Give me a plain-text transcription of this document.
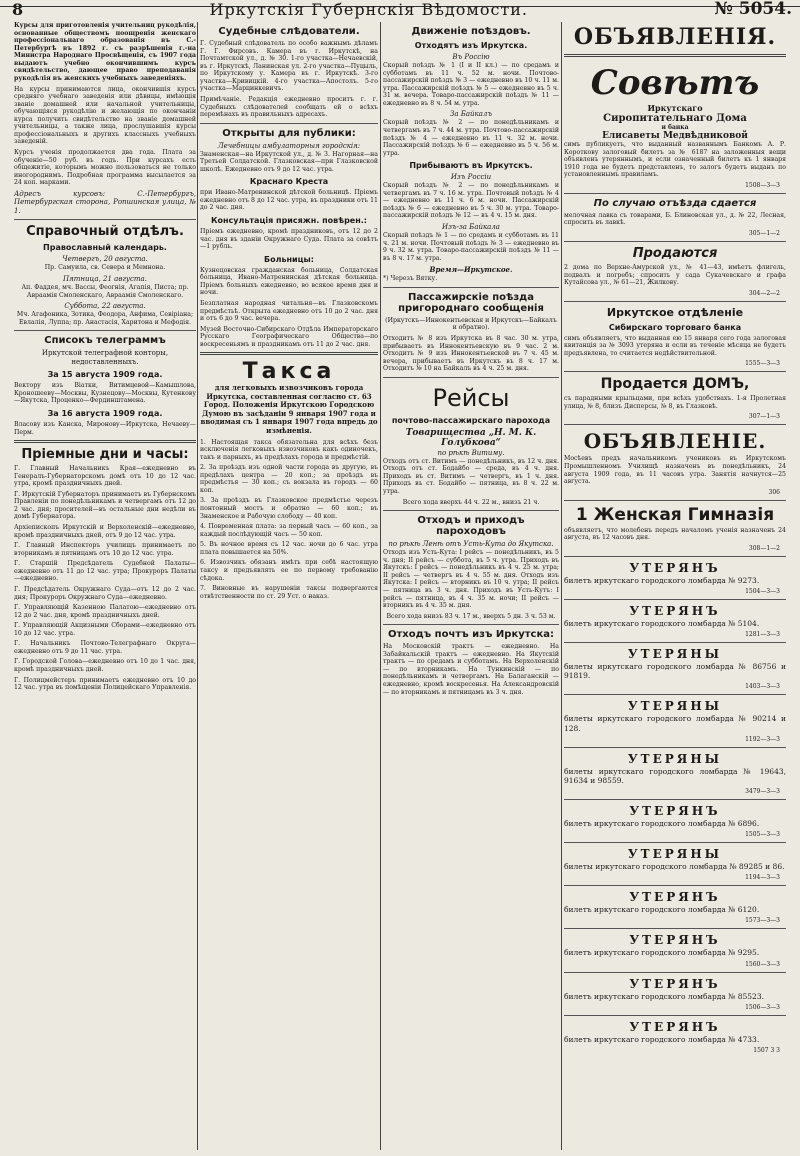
8	Иркутскія Губернскія Вѣдомости.	№ 5054.

Курсы для приготовленія учительниц рукодѣлія, основанные обществомъ поощренія женскаго профессіональнаго образованія въ С.-Петербургѣ въ 1892 г. съ разрѣшенія г.-на Министра Народнаго Просвѣщенія, съ 1907 года выдаютъ учебно окончившимъ курсъ свидѣтельство, дающее право преподаванія рукодѣлія въ женскихъ учебныхъ заведеніяхъ.

На курсы принимаются лица, окончившія курсъ средняго учебнаго заведенія или дѣвицы, имѣющія званіе домашней или начальной учительницы, обучающіяся рукодѣлію и желающія по окончаніи курса получить свидѣтельство на званіе домашней учительницы, а также лица, прослушавшія курсы профессіональныхъ и другихъ классныхъ учебныхъ заведеній.

Курсъ ученія продолжается два года. Плата за обученіе—50 руб. въ годъ. При курсахъ есть общежитіе, которымъ можно пользоваться не только иногороднимъ. Подробная программа высылается за 24 коп. марками.

Адресъ курсовъ: С.-Петербургъ, Петербургская сторона, Ропшинская улица, № 1.

Справочный отдѣлъ.
Православный календарь.
Четвергъ, 20 августа.

Пр. Самуила, св. Севера и Мемнона.

Пятница, 21 августа.

Ап. Фаддея, мч. Вассы, Феогнія, Агапія, Писта; пр. Авраамія Смоленскаго, Авраамія Смоленскаго.

Суббота, 22 августа.

Мч. Агафоника, Зотика, Феодора, Анфима, Севіріана; Евлалія, Луппа; пр. Анастасія, Харитона и Мефодія.

Списокъ телеграммъ

Иркутской телеграфной конторы, недоставленныхъ.

За 15 августа 1909 года.

Вектору изъ Віатки, Витимцевой—Камышлова, Кроношееву—Москвы, Кузнецову—Москвы, Кутенкову—Якутска, Проценко—Фердинштамена.

За 16 августа 1909 года.

Власову изъ Канска, Миронову—Иркутска, Нечаеву—Перм.

Пріемные дни и часы:

Г. Главный Начальникъ Края—ежедневно въ Генералъ-Губернаторскомъ домѣ отъ 10 до 12 час. утра, кромѣ праздничныхъ дней.

Г. Иркутскій Губернаторъ принимаетъ въ Губернскомъ Правленіи по понедѣльникамъ и четвергамъ отъ 12 до 2 час. дня; просителей—въ остальные дни недѣли въ домѣ Губернатора.

Архіепископъ Иркутскій и Верхоленскій—ежедневно, кромѣ праздничныхъ дней, отъ 9 до 12 час. утра.

Г. Главный Инспекторъ училищъ принимаетъ по вторникамъ и пятницамъ отъ 10 до 12 час. утра.

Г. Старшій Предсѣдатель Судебной Палаты—ежедневно отъ 11 до 12 час. утра; Прокуроръ Палаты—ежедневно.

Г. Предсѣдатель Окружнаго Суда—отъ 12 до 2 час. дня; Прокуроръ Окружнаго Суда—ежедневно.

Г. Управляющій Казенною Палатою—ежедневно отъ 12 до 2 час. дня, кромѣ праздничныхъ дней.

Г. Управляющій Акцизными Сборами—ежедневно отъ 10 до 12 час. утра.

Г. Начальникъ Почтово-Телеграфнаго Округа—ежедневно отъ 9 до 11 час. утра.

Г. Городской Голова—ежедневно отъ 10 до 1 час. дня, кромѣ праздничныхъ дней.

Г. Полицмейстеръ принимаетъ ежедневно отъ 10 до 12 час. утра въ помѣщеніи Полицейскаго Управленія.

Судебные слѣдователи.

Г. Судебный слѣдователь по особо важнымъ дѣламъ Г. Г. Фирсовъ. Камера въ г. Иркутскѣ, на Почтамтской ул., д. № 30. 1-го участка—Нечаевскій, въ г. Иркутскѣ, Ланинская ул. 2-го участка—Пуцыль, по Иркутскому у. Камера въ г. Иркутскѣ. 3-го участка—Кривицкій. 4-го участка—Апостолъ. 5-го участка—Марцинкевичъ.

Примѣчаніе. Редакція ежедневно проситъ г. г. Судебныхъ слѣдователей сообщать ей о всѣхъ перемѣнахъ въ правильныхъ адресахъ.

Открыты для публики:
Лечебницы амбулаторныя городскія:

Знаменская—на Иркутской ул., д. № 3. Нагорная—на Третьей Солдатской. Глазковская—при Глазковской школѣ. Ежедневно отъ 9 до 12 час. утра.

Краснаго Креста

при Ивано-Матренинской дѣтской больницѣ. Пріемъ ежедневно отъ 8 до 12 час. утра, въ праздники отъ 11 до 2 час. дня.

Консультація присяжн. повѣрен.:

Пріемъ ежедневно, кромѣ праздниковъ, отъ 12 до 2 час. дня въ зданіи Окружнаго Суда. Плата за совѣтъ—1 рубль.

Больницы:

Кузнецовская гражданская больница, Солдатская больница, Ивано-Матренинская дѣтская больница. Пріемъ больныхъ ежедневно, во всякое время дня и ночи.

Безплатная народная читальня—въ Глазковскомъ предмѣстьѣ. Открыта ежедневно отъ 10 до 2 час. дня и отъ 6 до 9 час. вечера.

Музей Восточно-Сибирскаго Отдѣла Императорскаго Русскаго Географическаго Общества—по воскресеньямъ и праздникамъ отъ 11 до 2 час. дня.

Такса

для легковыхъ извозчиковъ города Иркутска, составленная согласно ст. 63 Город. Положенія Иркутскою Городскою Думою въ засѣданіи 9 января 1907 года и вводимая съ 1 января 1907 года впредь до измѣненія.

1. Настоящая такса обязательна для всѣхъ безъ исключенія легковыхъ извозчиковъ какъ одиночекъ, такъ и парныхъ, въ предѣлахъ города и предмѣстій.

2. За проѣздъ изъ одной части города въ другую, въ предѣлахъ центра — 20 коп.; за проѣздъ въ предмѣстья — 30 коп.; съ вокзала въ городъ — 60 коп.

3. За проѣздъ въ Глазковское предмѣстье черезъ понтонный мостъ и обратно — 60 коп.; въ Знаменское и Рабочую слободу — 40 коп.

4. Повременная плата: за первый часъ — 60 коп., за каждый послѣдующій часъ — 50 коп.

5. Въ ночное время съ 12 час. ночи до 6 час. утра плата повышается на 50%.

6. Извозчикъ обязанъ имѣть при себѣ настоящую таксу и предъявлять ее по первому требованію сѣдока.

7. Виновные въ нарушеніи таксы подвергаются отвѣтственности по ст. 29 Уст. о наказ.

Движеніе поѣздовъ.
Отходятъ изъ Иркутска.
Въ Россію

Скорый поѣздъ № 1 (I и II кл.) — по средамъ и субботамъ въ 11 ч. 52 м. ночи. Почтово-пассажирскій поѣздъ № 3 — ежедневно въ 10 ч. 11 м. утра. Пассажирскій поѣздъ № 5 — ежедневно въ 5 ч. 31 м. вечера. Товаро-пассажирскій поѣздъ № 11 — ежедневно въ 8 ч. 54 м. утра.

За Байкалъ

Скорый поѣздъ № 2 — по понедѣльникамъ и четвергамъ въ 7 ч. 44 м. утра. Почтово-пассажирскій поѣздъ № 4 — ежедневно въ 11 ч. 32 м. ночи. Пассажирскій поѣздъ № 6 — ежедневно въ 5 ч. 56 м. утра.

Прибываютъ въ Иркутскъ.
Изъ Россіи

Скорый поѣздъ № 2 — по понедѣльникамъ и четвергамъ въ 7 ч. 16 м. утра. Почтовый поѣздъ № 4 — ежедневно въ 11 ч. 6 м. ночи. Пассажирскій поѣздъ № 6 — ежедневно въ 5 ч. 30 м. утра. Товаро-пассажирскій поѣздъ № 12 — въ 4 ч. 15 м. дня.

Изъ-за Байкала

Скорый поѣздъ № 1 — по средамъ и субботамъ въ 11 ч. 21 м. ночи. Почтовый поѣздъ № 3 — ежедневно въ 9 ч. 32 м. утра. Товаро-пассажирскій поѣздъ № 11 — въ 8 ч. 17 м. утра.

Время—Иркутское.

*) Черезъ Вятку.

Пассажирскіе поѣзда пригороднаго сообщенія

(Иркутскъ—Иннокентьевская и Иркутскъ—Байкалъ и обратно).

Отходитъ № 8 изъ Иркутска въ 8 час. 30 м. утра, прибываетъ въ Иннокентьевскую въ 9 час. 2 м. Отходитъ № 9 изъ Иннокентьевской въ 7 ч. 45 м. вечера, прибываетъ въ Иркутскъ въ 8 ч. 17 м. Отходитъ № 10 на Байкалъ въ 4 ч. 25 м. дня.

Рейсы
почтово-пассажирскаго парохода
Товарищества „Н. М. К. Голубкова“
по рѣкѣ Витиму.

Отходъ отъ ст. Витимъ — понедѣльникъ, въ 12 ч. дня. Отходъ отъ ст. Бодайбо — среда, въ 4 ч. дня. Приходъ въ ст. Витимъ — четвергъ, въ 1 ч. дня. Приходъ въ ст. Бодайбо — пятница, въ 8 ч. 22 м. утра.

Всего хода вверхъ 44 ч. 22 м., внизъ 21 ч.

Отходъ и приходъ пароходовъ
по рѣкѣ Ленѣ отъ Усть-Кута до Якутска.

Отходъ изъ Усть-Кута: I рейсъ — понедѣльникъ, въ 5 ч. дня; II рейсъ — суббота, въ 5 ч. утра. Приходъ въ Якутскъ: I рейсъ — понедѣльникъ въ 4 ч. 25 м. утра; II рейсъ — четвергъ въ 4 ч. 55 м. дня. Отходъ изъ Якутска: I рейсъ — вторникъ въ 10 ч. утра; II рейсъ — пятница въ 3 ч. дня. Приходъ въ Усть-Кутъ: I рейсъ — пятница, въ 4 ч. 35 м. ночи; II рейсъ — вторникъ въ 4 ч. 35 м. дня.

Всего хода внизъ 83 ч. 17 м., вверхъ 5 дн. 3 ч. 53 м.

Отходъ почтъ изъ Иркутска:

На Московскій трактъ — ежедневно. На Забайкальскій трактъ — ежедневно. На Якутскій трактъ — по средамъ и субботамъ. На Верхоленскій — по вторникамъ. На Тункинскій — по понедѣльникамъ и четвергамъ. На Балаганскій — ежедневно, кромѣ воскресенья. На Александровскій — по вторникамъ и пятницамъ въ 3 ч. дня.

ОБЪЯВЛЕНІЯ.
Совѣтъ
Иркутскаго
Сиропитательнаго Дома
и банка
Елисаветы Медвѣдниковой

симъ публикуетъ, что выданный названнымъ Банкомъ А. Р. Короткову залоговый билетъ за № 6187 на заложенныя вещи объявленъ утеряннымъ, и если означенный билетъ къ 1 января 1910 года не будетъ представленъ, то залогъ будетъ выданъ по установленнымъ правиламъ.

1508—3—3
По случаю отъѣзда сдается

мелочная лавка съ товарами, Б. Блиновская ул., д. № 22, Лесная, спросить въ лавкѣ.

305—1—2
Продаются

2 дома по Верхне-Амурской ул., № 41—43, имѣетъ флигель, подвалъ и погребъ; спросить у сада Сукачевскаго и графа Кутайсова ул., № 61—21, Жилкову.

304—2—2
Иркутское отдѣленіе
Сибирскаго торговаго банка

симъ объявляетъ, что выданная ею 15 января сего года залоговая квитанція за № 3093 утеряна и если въ теченіе мѣсяца не будетъ предъявлена, то считается недѣйствительной.

1555—3—3
Продается ДОМЪ,

съ парадными крыльцами, при всѣхъ удобствахъ. 1-я Пролетная улица, № 8, близъ Дисперсы, № 8, въ Глазковѣ.

307—1—3
ОБЪЯВЛЕНІЕ.

Мосѣевъ предъ начальникомъ учениковъ въ Иркутскомъ Промышленномъ Училищѣ назначенъ въ понедѣльникъ, 24 августа 1909 года, въ 11 часовъ утра. Занятія начнутся—25 августа.

306
1 Женская Гимназія

объявляетъ, что молебенъ передъ началомъ ученія назначенъ 24 августа, въ 12 часовъ дня.

308—1—2
УТЕРЯНЪ

билетъ иркутскаго городского ломбарда № 9273.

1504—3—3
УТЕРЯНЪ

билетъ иркутскаго городского ломбарда № 5104.

1281—3—3
УТЕРЯНЫ

билеты иркутскаго городского ломбарда № 86756 и 91819.

1403—3—3
УТЕРЯНЫ

билеты иркутскаго городского ломбарда № 90214 и 128.

1192—3—3
УТЕРЯНЫ

билеты иркутскаго городского ломбарда № 19643, 91634 и 98559.

3479—3—3
УТЕРЯНЪ

билетъ иркутскаго городского ломбарда № 6896.

1505—3—3
УТЕРЯНЫ

билеты иркутскаго городского ломбарда № 89285 и 86.

1194—3—3
УТЕРЯНЪ

билетъ иркутскаго городского ломбарда № 6120.

1573—3—3
УТЕРЯНЪ

билетъ иркутскаго городского ломбарда № 9295.

1560—3—3
УТЕРЯНЪ

билетъ иркутскаго городского ломбарда № 85523.

1506—3—3
УТЕРЯНЪ

билетъ иркутскаго городского ломбарда № 4733.

1507 3 3
